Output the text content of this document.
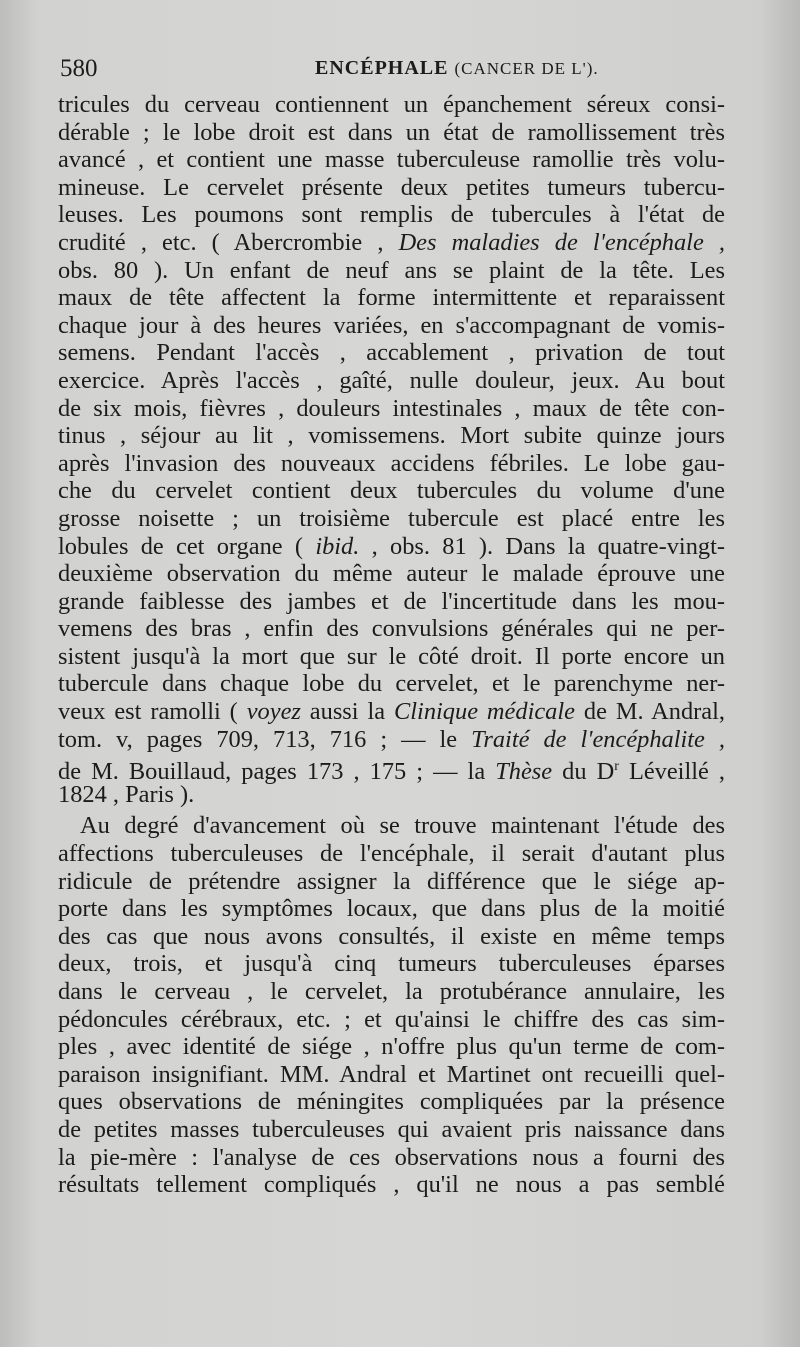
580	ENCÉPHALE (CANCER DE L').
tricules du cerveau contiennent un épanchement séreux consi-
dérable ; le lobe droit est dans un état de ramollissement très
avancé , et contient une masse tuberculeuse ramollie très volu-
mineuse. Le cervelet présente deux petites tumeurs tubercu-
leuses. Les poumons sont remplis de tubercules à l'état de
crudité , etc. ( Abercrombie , Des maladies de l'encéphale ,
obs. 80 ). Un enfant de neuf ans se plaint de la tête. Les
maux de tête affectent la forme intermittente et reparaissent
chaque jour à des heures variées, en s'accompagnant de vomis-
semens. Pendant l'accès , accablement , privation de tout
exercice. Après l'accès , gaîté, nulle douleur, jeux. Au bout
de six mois, fièvres , douleurs intestinales , maux de tête con-
tinus , séjour au lit , vomissemens. Mort subite quinze jours
après l'invasion des nouveaux accidens fébriles. Le lobe gau-
che du cervelet contient deux tubercules du volume d'une
grosse noisette ; un troisième tubercule est placé entre les
lobules de cet organe ( ibid. , obs. 81 ). Dans la quatre-vingt-
deuxième observation du même auteur le malade éprouve une
grande faiblesse des jambes et de l'incertitude dans les mou-
vemens des bras , enfin des convulsions générales qui ne per-
sistent jusqu'à la mort que sur le côté droit. Il porte encore un
tubercule dans chaque lobe du cervelet, et le parenchyme ner-
veux est ramolli ( voyez aussi la Clinique médicale de M. Andral,
tom. v, pages 709, 713, 716 ; — le Traité de l'encéphalite ,
de M. Bouillaud, pages 173 , 175 ; — la Thèse du $D^r$ Léveillé ,
1824 , Paris ).
Au degré d'avancement où se trouve maintenant l'étude des
affections tuberculeuses de l'encéphale, il serait d'autant plus
ridicule de prétendre assigner la différence que le siége ap-
porte dans les symptômes locaux, que dans plus de la moitié
des cas que nous avons consultés, il existe en même temps
deux, trois, et jusqu'à cinq tumeurs tuberculeuses éparses
dans le cerveau , le cervelet, la protubérance annulaire, les
pédoncules cérébraux, etc. ; et qu'ainsi le chiffre des cas sim-
ples , avec identité de siége , n'offre plus qu'un terme de com-
paraison insignifiant. MM. Andral et Martinet ont recueilli quel-
ques observations de méningites compliquées par la présence
de petites masses tuberculeuses qui avaient pris naissance dans
la pie-mère : l'analyse de ces observations nous a fourni des
résultats tellement compliqués , qu'il ne nous a pas semblé
